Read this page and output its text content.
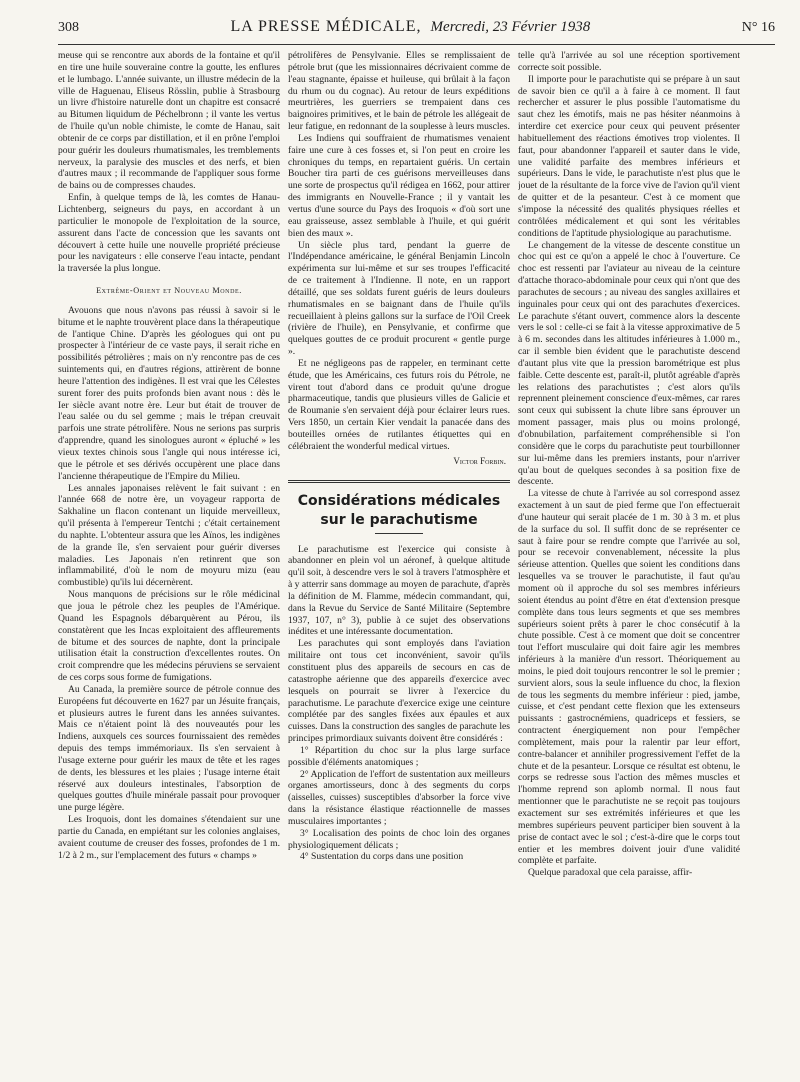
308	LA PRESSE MÉDICALE, Mercredi, 23 Février 1938	N° 16

meuse qui se rencontre aux abords de la fontaine et qu'il en tire une huile souveraine contre la goutte, les enflures et le lumbago. L'année suivante, un illustre médecin de la ville de Haguenau, Eliseus Rösslin, publie à Strasbourg un livre d'histoire naturelle dont un chapitre est consacré au Bitumen liquidum de Péchelbronn ; il vante les vertus de l'huile qu'un noble chimiste, le comte de Hanau, sait obtenir de ce corps par distillation, et il en prône l'emploi pour guérir les douleurs rhumatismales, les tremblements nerveux, la paralysie des muscles et des nerfs, et bien d'autres maux ; il recommande de l'appliquer sous forme de bains ou de compresses chaudes.

Enfin, à quelque temps de là, les comtes de Hanau-Lichtenberg, seigneurs du pays, en accordant à un particulier le monopole de l'exploitation de la source, assurent dans l'acte de concession que les savants ont découvert à cette huile une nouvelle propriété précieuse pour les navigateurs : elle conserve l'eau intacte, pendant la traversée la plus longue.

Extrême-Orient et Nouveau Monde.

Avouons que nous n'avons pas réussi à savoir si le bitume et le naphte trouvèrent place dans la thérapeutique de l'antique Chine. D'après les géologues qui ont pu prospecter à l'intérieur de ce vaste pays, il serait riche en possibilités pétrolières ; mais on n'y rencontre pas de ces suintements qui, en d'autres régions, attirèrent de bonne heure l'attention des indigènes. Il est vrai que les Célestes surent forer des puits profonds bien avant nous : dès le Ier siècle avant notre ère. Leur but était de trouver de l'eau salée ou du sel gemme ; mais le trépan creuvait parfois une strate pétrolifère. Nous ne serions pas surpris d'apprendre, quand les sinologues auront « épluché » les vieux textes chinois sous l'angle qui nous intéresse ici, que le pétrole et ses dérivés occupèrent une place dans l'ancienne thérapeutique de l'Empire du Milieu.

Les annales japonaises relèvent le fait suivant : en l'année 668 de notre ère, un voyageur rapporta de Sakhaline un flacon contenant un liquide merveilleux, qu'il présenta à l'empereur Tentchi ; c'était certainement du naphte. L'obtenteur assura que les Aïnos, les indigènes de la grande île, s'en servaient pour guérir diverses maladies. Les Japonais n'en retinrent que son inflammabilité, d'où le nom de moyuru mizu (eau combustible) qu'ils lui décernèrent.

Nous manquons de précisions sur le rôle médicinal que joua le pétrole chez les peuples de l'Amérique. Quand les Espagnols débarquèrent au Pérou, ils constatèrent que les Incas exploitaient des affleurements de bitume et des sources de naphte, dont la principale utilisation était la construction d'excellentes routes. On croit comprendre que les médecins péruviens se servaient de ces corps sous forme de fumigations.

Au Canada, la première source de pétrole connue des Européens fut découverte en 1627 par un Jésuite français, et plusieurs autres le furent dans les années suivantes. Mais ce n'étaient point là des nouveautés pour les Indiens, auxquels ces sources fournissaient des remèdes depuis des temps immémoriaux. Ils s'en servaient à l'usage externe pour guérir les maux de tête et les rages de dents, les blessures et les plaies ; l'usage interne était réservé aux douleurs intestinales, l'absorption de quelques gouttes d'huile minérale passait pour provoquer une purge légère.

Les Iroquois, dont les domaines s'étendaient sur une partie du Canada, en empiétant sur les colonies anglaises, avaient coutume de creuser des fosses, profondes de 1 m. 1/2 à 2 m., sur l'emplacement des futurs « champs »

pétrolifères de Pensylvanie. Elles se remplissaient de pétrole brut (que les missionnaires décrivaient comme de l'eau stagnante, épaisse et huileuse, qui brûlait à la façon du rhum ou du cognac). Au retour de leurs expéditions meurtrières, les guerriers se trempaient dans ces baignoires primitives, et le bain de pétrole les allégeait de leur fatigue, en redonnant de la souplesse à leurs muscles.

Les Indiens qui souffraient de rhumatismes venaient faire une cure à ces fosses et, si l'on peut en croire les chroniques du temps, en repartaient guéris. Un certain Boucher tira parti de ces guérisons merveilleuses dans une sorte de prospectus qu'il rédigea en 1662, pour attirer des immigrants en Nouvelle-France ; il y vantait les vertus d'une source du Pays des Iroquois « d'où sort une eau graisseuse, assez semblable à l'huile, et qui guérit bien des maux ».

Un siècle plus tard, pendant la guerre de l'Indépendance américaine, le général Benjamin Lincoln expérimenta sur lui-même et sur ses troupes l'efficacité de ce traitement à l'Indienne. Il note, en un rapport détaillé, que ses soldats furent guéris de leurs douleurs rhumatismales en se baignant dans de l'huile qu'ils recueillaient à pleins gallons sur la surface de l'Oil Creek (rivière de l'huile), en Pensylvanie, et confirme que quelques gouttes de ce produit procurent « gentle purge ».

Et ne négligeons pas de rappeler, en terminant cette étude, que les Américains, ces futurs rois du Pétrole, ne virent tout d'abord dans ce produit qu'une drogue pharmaceutique, tandis que plusieurs villes de Galicie et de Roumanie s'en servaient déjà pour éclairer leurs rues. Vers 1850, un certain Kier vendait la panacée dans des bouteilles ornées de rutilantes étiquettes qui en célébraient the wonderful medical virtues.

Victor Forbin.

Considérations médicales

sur le parachutisme

Le parachutisme est l'exercice qui consiste à abandonner en plein vol un aéronef, à quelque altitude qu'il soit, à descendre vers le sol à travers l'atmosphère et à y atterrir sans dommage au moyen de parachute, d'après la définition de M. Flamme, médecin commandant, qui, dans la Revue du Service de Santé Militaire (Septembre 1937, 107, n° 3), publie à ce sujet des observations inédites et une intéressante documentation.

Les parachutes qui sont employés dans l'aviation militaire ont tous cet inconvénient, savoir qu'ils constituent plus des appareils de secours en cas de catastrophe aérienne que des appareils d'exercice avec lesquels on pourrait se livrer à l'exercice du parachutisme. Le parachute d'exercice exige une ceinture complétée par des sangles fixées aux épaules et aux cuisses. Dans la construction des sangles de parachute les principes primordiaux suivants doivent être considérés :

1° Répartition du choc sur la plus large surface possible d'éléments anatomiques ;

2° Application de l'effort de sustentation aux meilleurs organes amortisseurs, donc à des segments du corps (aisselles, cuisses) susceptibles d'absorber la force vive dans la résistance élastique réactionnelle de masses musculaires importantes ;

3° Localisation des points de choc loin des organes physiologiquement délicats ;

4° Sustentation du corps dans une position

telle qu'à l'arrivée au sol une réception sportivement correcte soit possible.

Il importe pour le parachutiste qui se prépare à un saut de savoir bien ce qu'il a à faire à ce moment. Il faut rechercher et assurer le plus possible l'automatisme du saut chez les émotifs, mais ne pas hésiter néanmoins à interdire cet exercice pour ceux qui peuvent présenter habituellement des réactions émotives trop violentes. Il faut, pour abandonner l'appareil et sauter dans le vide, une validité parfaite des membres inférieurs et supérieurs. Dans le vide, le parachutiste n'est plus que le jouet de la résultante de la force vive de l'avion qu'il vient de quitter et de la pesanteur. C'est à ce moment que s'impose la nécessité des qualités physiques réelles et contrôlées médicalement et qui sont les véritables conditions de l'aptitude physiologique au parachutisme.

Le changement de la vitesse de descente constitue un choc qui est ce qu'on a appelé le choc à l'ouverture. Ce choc est ressenti par l'aviateur au niveau de la ceinture d'attache thoraco-abdominale pour ceux qui n'ont que des parachutes de secours ; au niveau des sangles axillaires et inguinales pour ceux qui ont des parachutes d'exercices. Le parachute s'étant ouvert, commence alors la descente vers le sol : celle-ci se fait à la vitesse approximative de 5 à 6 m. secondes dans les altitudes inférieures à 1.000 m., car il semble bien évident que le parachutiste descend d'autant plus vite que la pression barométrique est plus faible. Cette descente est, paraît-il, plutôt agréable d'après les relations des parachutistes ; c'est alors qu'ils reprennent pleinement conscience d'eux-mêmes, car rares sont ceux qui subissent la chute libre sans éprouver un moment passager, mais plus ou moins prolongé, d'obnubilation, parfaitement compréhensible si l'on considère que le corps du parachutiste peut tourbillonner sur lui-même dans les premiers instants, pour n'arriver qu'au bout de quelques secondes à sa position fixe de descente.

La vitesse de chute à l'arrivée au sol correspond assez exactement à un saut de pied ferme que l'on effectuerait d'une hauteur qui serait placée de 1 m. 30 à 3 m. et plus de la surface du sol. Il suffit donc de se représenter ce saut à faire pour se rendre compte que l'arrivée au sol, pour se recevoir convenablement, nécessite la plus sérieuse attention. Quelles que soient les conditions dans lesquelles va se trouver le parachutiste, il faut qu'au moment où il approche du sol ses membres inférieurs soient étendus au point d'être en état d'extension presque complète dans tous leurs segments et que ses membres supérieurs soient prêts à parer le choc consécutif à la chute possible. C'est à ce moment que doit se concentrer tout l'effort musculaire qui doit faire agir les membres inférieurs à la manière d'un ressort. Théoriquement au moins, le pied doit toujours rencontrer le sol le premier ; survient alors, sous la seule influence du choc, la flexion de tous les segments du membre inférieur : pied, jambe, cuisse, et c'est pendant cette flexion que les extenseurs puissants : gastrocnémiens, quadriceps et fessiers, se contractent énergiquement non pour l'empêcher complètement, mais pour la ralentir par leur effort, contre-balancer et annihiler progressivement l'effet de la chute et de la pesanteur. Lorsque ce résultat est obtenu, le corps se redresse sous l'action des mêmes muscles et l'homme reprend son aplomb normal. Il nous faut mentionner que le parachutiste ne se reçoit pas toujours exactement sur ses extrémités inférieures et que les membres supérieurs peuvent participer bien souvent à la prise de contact avec le sol ; c'est-à-dire que le corps tout entier et les membres doivent jouir d'une validité complète et parfaite.

Quelque paradoxal que cela paraisse, affir-
